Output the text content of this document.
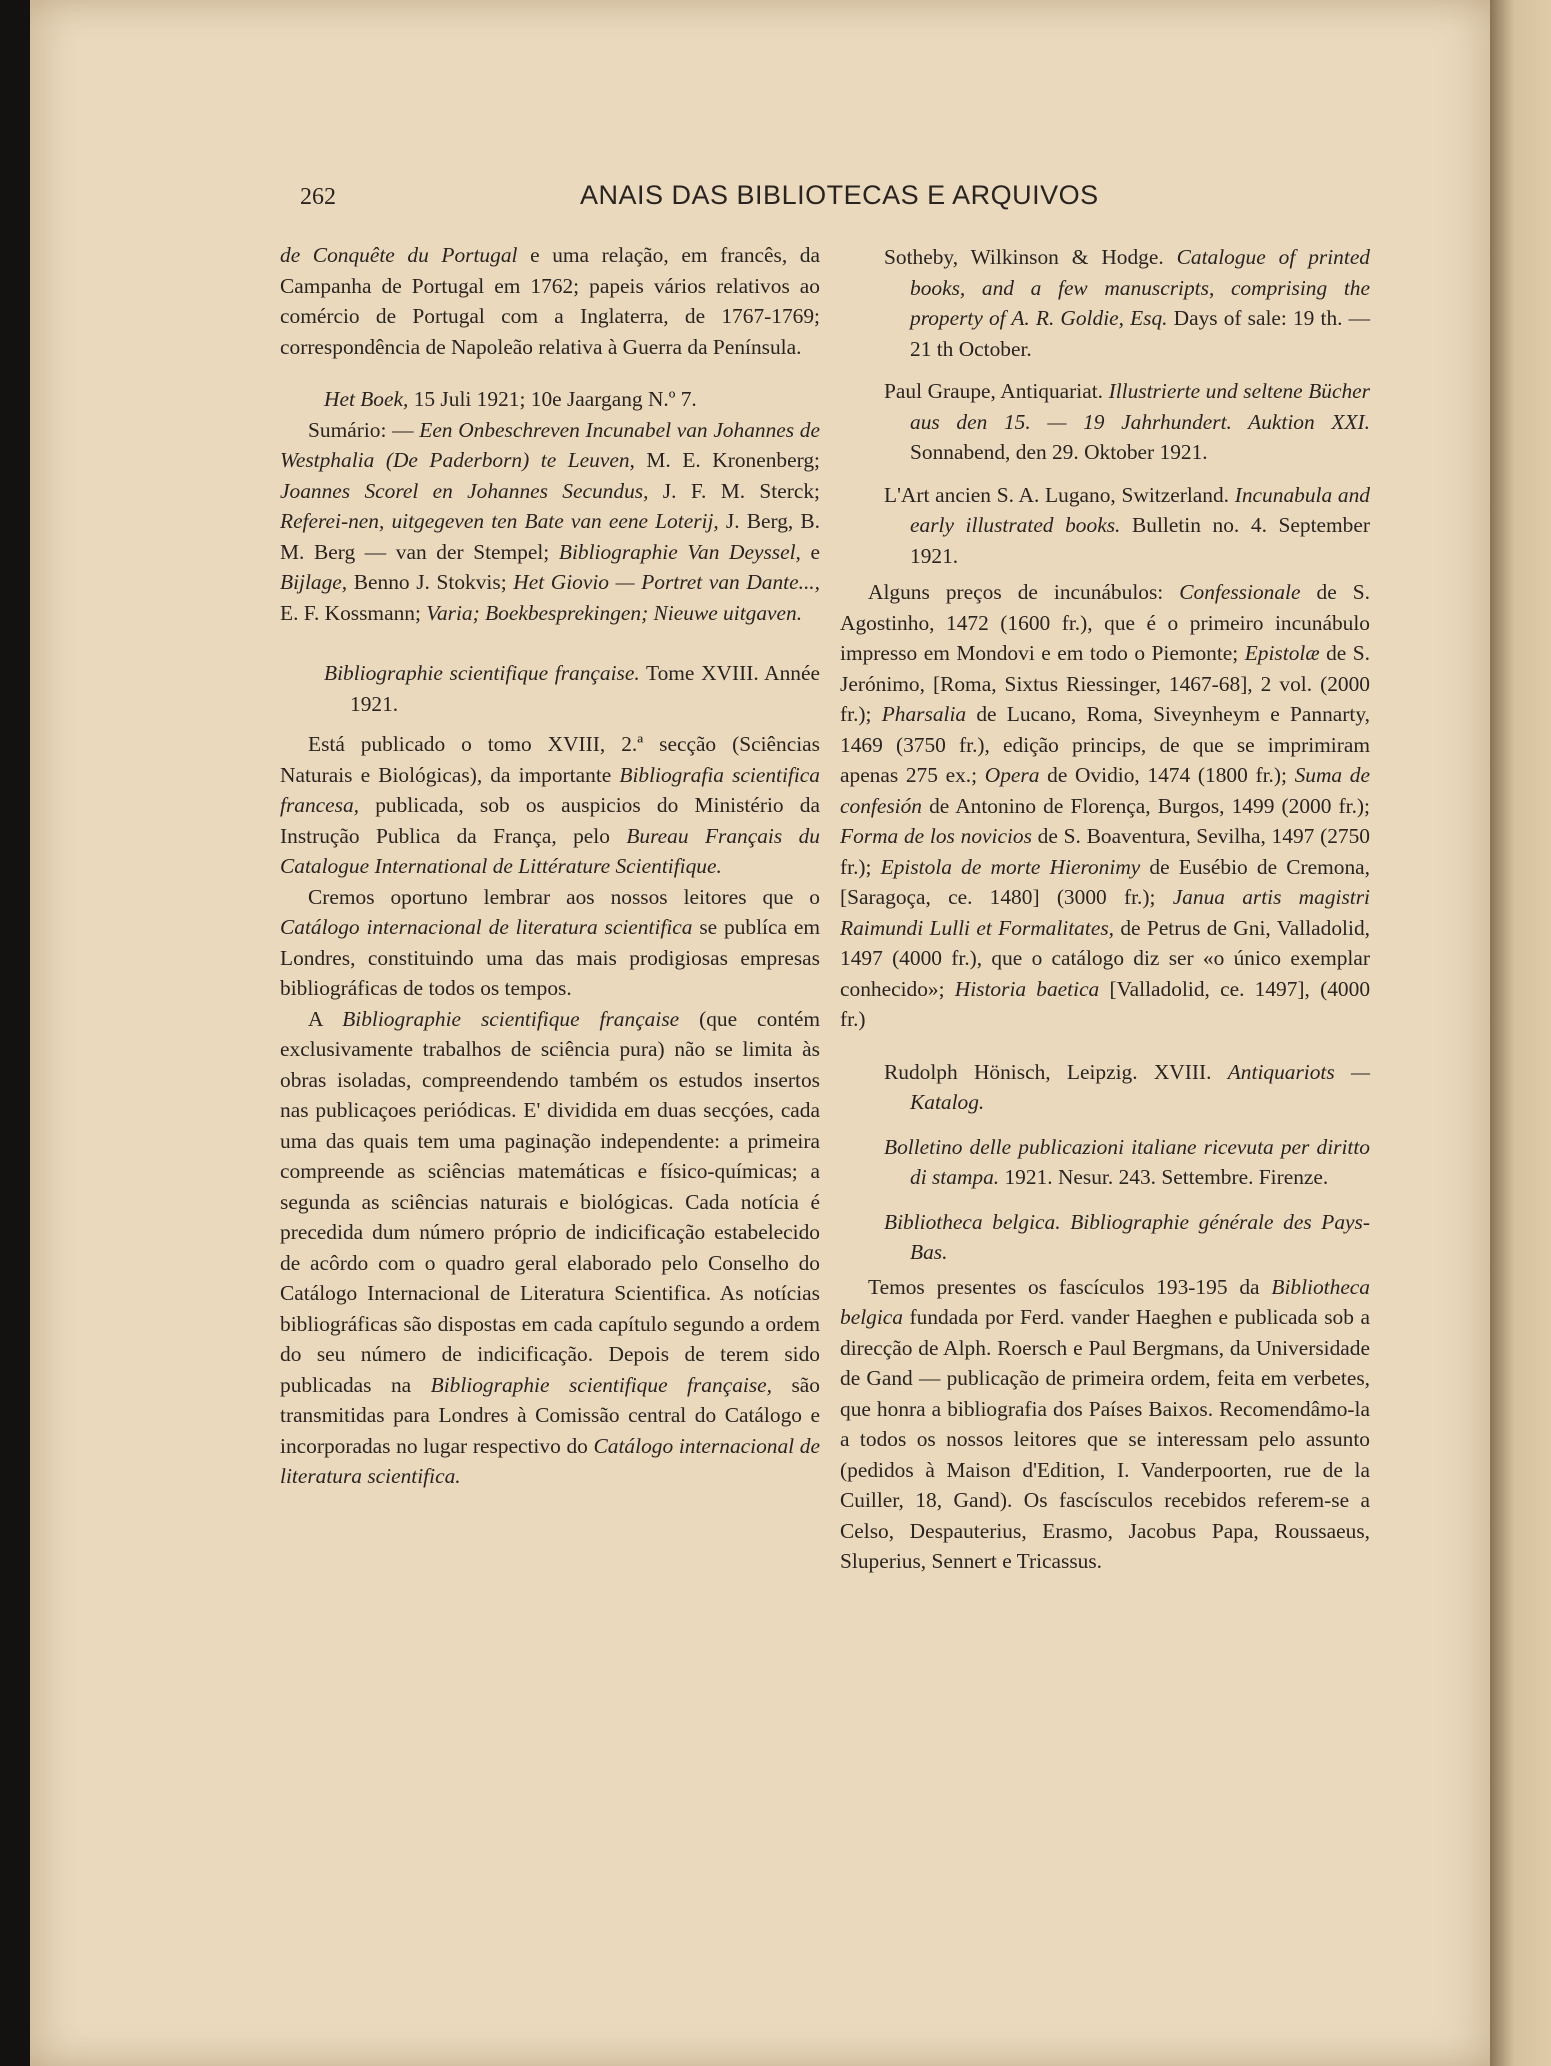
262	ANAIS DAS BIBLIOTECAS E ARQUIVOS

de Conquête du Portugal e uma relação, em francês, da Campanha de Portugal em 1762; papeis vários relativos ao comércio de Portugal com a Inglaterra, de 1767-1769; correspondência de Napoleão relativa à Guerra da Península.

Het Boek, 15 Juli 1921; 10e Jaargang N.º 7.

Sumário: — Een Onbeschreven Incunabel van Johannes de Westphalia (De Paderborn) te Leuven, M. E. Kronenberg; Joannes Scorel en Johannes Secundus, J. F. M. Sterck; Referei-nen, uitgegeven ten Bate van eene Loterij, J. Berg, B. M. Berg — van der Stempel; Bibliographie Van Deyssel, e Bijlage, Benno J. Stokvis; Het Giovio — Portret van Dante..., E. F. Kossmann; Varia; Boekbesprekingen; Nieuwe uitgaven.

Bibliographie scientifique française. Tome XVIII. Année 1921.

Está publicado o tomo XVIII, 2.ª secção (Sciências Naturais e Biológicas), da importante Bibliografia scientifica francesa, publicada, sob os auspicios do Ministério da Instrução Publica da França, pelo Bureau Français du Catalogue International de Littérature Scientifique.

Cremos oportuno lembrar aos nossos leitores que o Catálogo internacional de literatura scientifica se publíca em Londres, constituindo uma das mais prodigiosas empresas bibliográficas de todos os tempos.

A Bibliographie scientifique française (que contém exclusivamente trabalhos de sciência pura) não se limita às obras isoladas, compreendendo também os estudos insertos nas publicaçoes periódicas. E' dividida em duas secçóes, cada uma das quais tem uma paginação independente: a primeira compreende as sciências matemáticas e físico-químicas; a segunda as sciências naturais e biológicas. Cada notícia é precedida dum número próprio de indicificação estabelecido de acôrdo com o quadro geral elaborado pelo Conselho do Catálogo Internacional de Literatura Scientifica. As notícias bibliográficas são dispostas em cada capítulo segundo a ordem do seu número de indicificação. Depois de terem sido publicadas na Bibliographie scientifique française, são transmitidas para Londres à Comissão central do Catálogo e incorporadas no lugar respectivo do Catálogo internacional de literatura scientifica.

Sotheby, Wilkinson & Hodge. Catalogue of printed books, and a few manuscripts, comprising the property of A. R. Goldie, Esq. Days of sale: 19 th. — 21 th October.

Paul Graupe, Antiquariat. Illustrierte und seltene Bücher aus den 15. — 19 Jahrhundert. Auktion XXI. Sonnabend, den 29. Oktober 1921.

L'Art ancien S. A. Lugano, Switzerland. Incunabula and early illustrated books. Bulletin no. 4. September 1921.

Alguns preços de incunábulos: Confessionale de S. Agostinho, 1472 (1600 fr.), que é o primeiro incunábulo impresso em Mondovi e em todo o Piemonte; Epistolæ de S. Jerónimo, [Roma, Sixtus Riessinger, 1467-68], 2 vol. (2000 fr.); Pharsalia de Lucano, Roma, Siveynheym e Pannarty, 1469 (3750 fr.), edição princips, de que se imprimiram apenas 275 ex.; Opera de Ovidio, 1474 (1800 fr.); Suma de confesión de Antonino de Florença, Burgos, 1499 (2000 fr.); Forma de los novicios de S. Boaventura, Sevilha, 1497 (2750 fr.); Epistola de morte Hieronimy de Eusébio de Cremona, [Saragoça, ce. 1480] (3000 fr.); Janua artis magistri Raimundi Lulli et Formalitates, de Petrus de Gni, Valladolid, 1497 (4000 fr.), que o catálogo diz ser «o único exemplar conhecido»; Historia baetica [Valladolid, ce. 1497], (4000 fr.)

Rudolph Hönisch, Leipzig. XVIII. Antiquariots — Katalog.

Bolletino delle publicazioni italiane ricevuta per diritto di stampa. 1921. Nesur. 243. Settembre. Firenze.

Bibliotheca belgica. Bibliographie générale des Pays-Bas.

Temos presentes os fascículos 193-195 da Bibliotheca belgica fundada por Ferd. vander Haeghen e publicada sob a direcção de Alph. Roersch e Paul Bergmans, da Universidade de Gand — publicação de primeira ordem, feita em verbetes, que honra a bibliografia dos Países Baixos. Recomendâmo-la a todos os nossos leitores que se interessam pelo assunto (pedidos à Maison d'Edition, I. Vanderpoorten, rue de la Cuiller, 18, Gand). Os fascísculos recebidos referem-se a Celso, Despauterius, Erasmo, Jacobus Papa, Roussaeus, Sluperius, Sennert e Tricassus.
